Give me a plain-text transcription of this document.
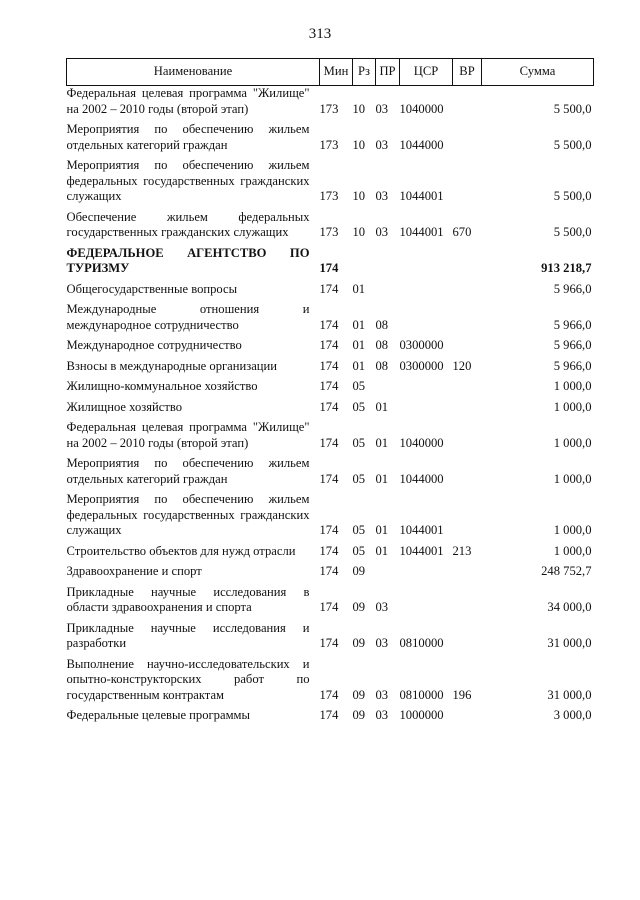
313
Наименование	Мин	Рз	ПР	ЦСР	ВР	Сумма
Федеральная целевая программа "Жилище" на 2002 – 2010 годы (второй этап)	173	10	03	1040000		5 500,0
Мероприятия по обеспечению жильем отдельных категорий граждан	173	10	03	1044000		5 500,0
Мероприятия по обеспечению жильем федеральных государственных гражданских служащих	173	10	03	1044001		5 500,0
Обеспечение жильем федеральных государственных гражданских служащих	173	10	03	1044001	670	5 500,0
ФЕДЕРАЛЬНОЕ АГЕНТСТВО ПО ТУРИЗМУ	174					913 218,7
Общегосударственные вопросы	174	01				5 966,0
Международные отношения и международное сотрудничество	174	01	08			5 966,0
Международное сотрудничество	174	01	08	0300000		5 966,0
Взносы в международные организации	174	01	08	0300000	120	5 966,0
Жилищно-коммунальное хозяйство	174	05				1 000,0
Жилищное хозяйство	174	05	01			1 000,0
Федеральная целевая программа "Жилище" на 2002 – 2010 годы (второй этап)	174	05	01	1040000		1 000,0
Мероприятия по обеспечению жильем отдельных категорий граждан	174	05	01	1044000		1 000,0
Мероприятия по обеспечению жильем федеральных государственных гражданских служащих	174	05	01	1044001		1 000,0
Строительство объектов для нужд отрасли	174	05	01	1044001	213	1 000,0
Здравоохранение и спорт	174	09				248 752,7
Прикладные научные исследования в области здравоохранения и спорта	174	09	03			34 000,0
Прикладные научные исследования и разработки	174	09	03	0810000		31 000,0
Выполнение научно-исследовательских и опытно-конструкторских работ по государственным контрактам	174	09	03	0810000	196	31 000,0
Федеральные целевые программы	174	09	03	1000000		3 000,0
